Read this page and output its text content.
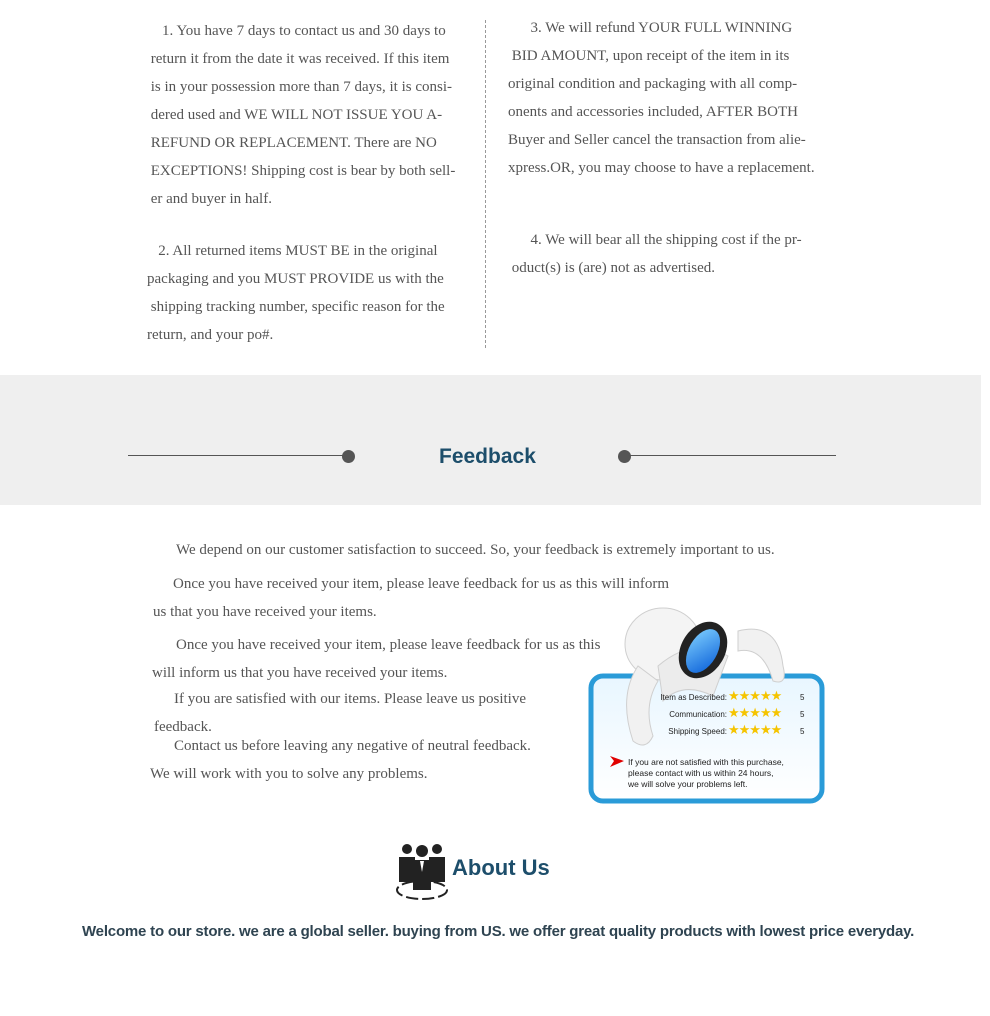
1. You have 7 days to contact us and 30 days to
return it from the date it was received. If this item
is in your possession more than 7 days, it is consi-
dered used and WE WILL NOT ISSUE YOU A-
REFUND OR REPLACEMENT. There are NO
EXCEPTIONS! Shipping cost is bear by both sell-
er and buyer in half.

2. All returned items MUST BE in the original
packaging and you MUST PROVIDE us with the
shipping tracking number, specific reason for the
return, and your po#.

3. We will refund YOUR FULL WINNING
BID AMOUNT, upon receipt of the item in its
original condition and packaging with all comp-
onents and accessories included, AFTER BOTH
Buyer and Seller cancel the transaction from alie-
xpress.OR, you may choose to have a replacement.

4. We will bear all the shipping cost if the pr-
oduct(s) is (are) not as advertised.

Feedback
We depend on our customer satisfaction to succeed. So, your feedback is extremely important to us.
Once you have received your item, please leave feedback for us as this will inform
us that you have received your items.
Once you have received your item, please leave feedback for us as this
will inform us that you have received your items.
If you are satisfied with our items. Please leave us positive
feedback.
Contact us before leaving any negative of neutral feedback.
We will work with you to solve any problems.
Item as Described: ★★★★★ 5
Communication: ★★★★★ 5
Shipping Speed: ★★★★★ 5
If you are not satisfied with this purchase,
please contact with us within 24 hours,
we will solve your problems left.
About Us
Welcome to our store. we are a global seller. buying from US. we offer great quality products with lowest price everyday.
